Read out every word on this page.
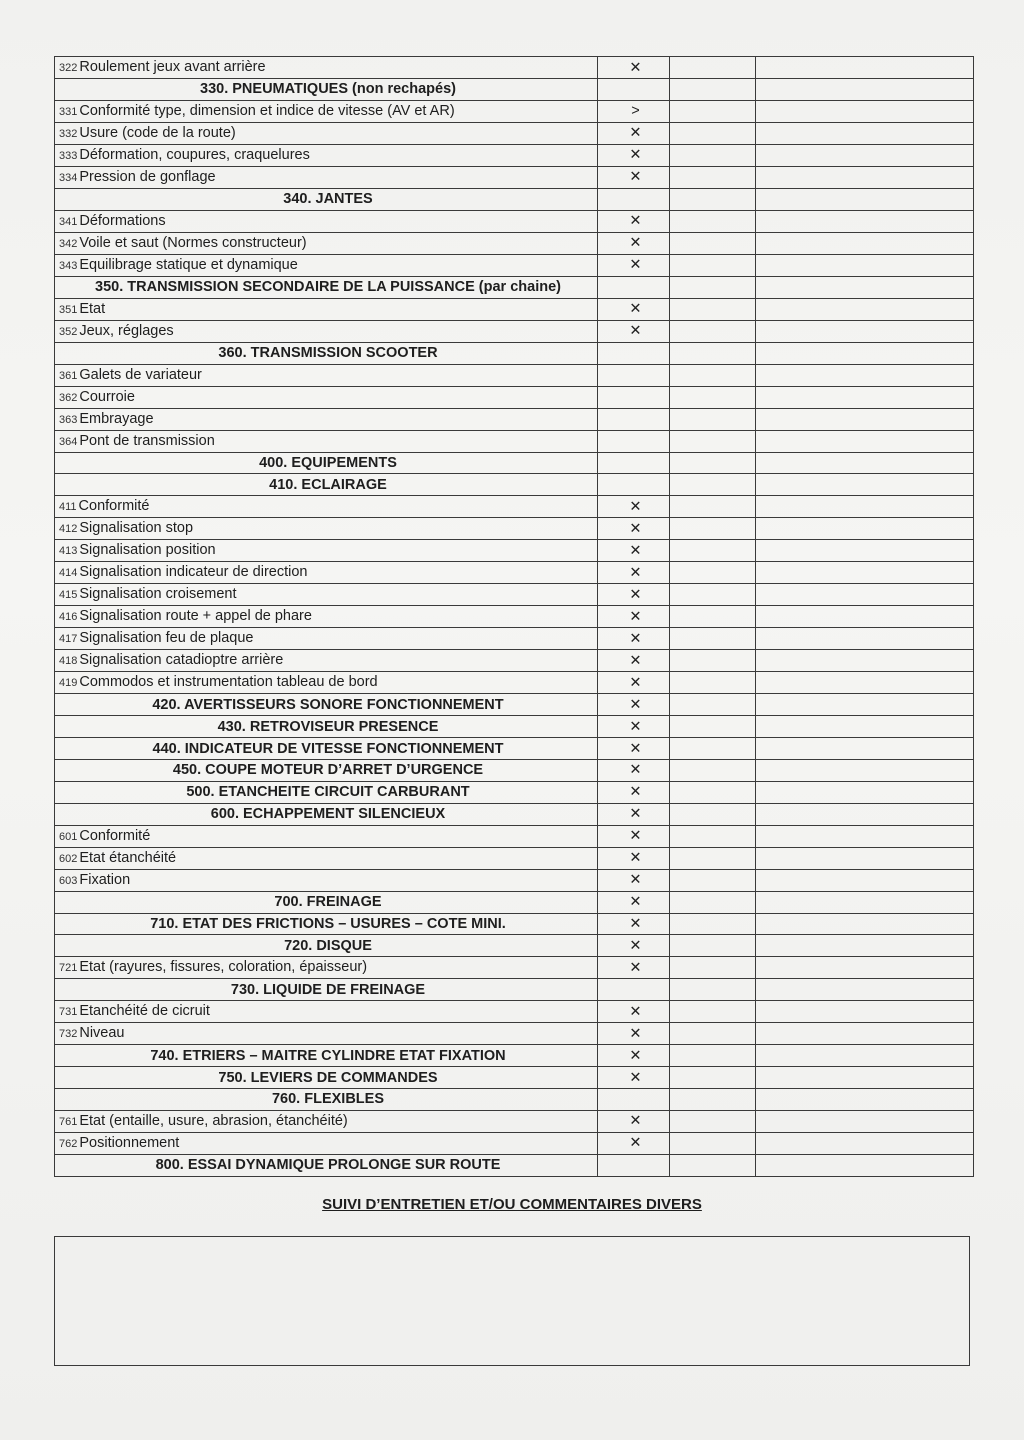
322 Roulement jeux avant arrière	✕		
330. PNEUMATIQUES (non rechapés)			
331 Conformité type, dimension et indice de vitesse (AV et AR)	>		
332 Usure (code de la route)	✕		
333 Déformation, coupures, craquelures	✕		
334 Pression de gonflage	✕		
340. JANTES			
341 Déformations	✕		
342 Voile et saut (Normes constructeur)	✕		
343 Equilibrage statique et dynamique	✕		
350. TRANSMISSION SECONDAIRE DE LA PUISSANCE (par chaine)			
351 Etat	✕		
352 Jeux, réglages	✕		
360. TRANSMISSION SCOOTER			
361 Galets de variateur			
362 Courroie			
363 Embrayage			
364 Pont de transmission			
400. EQUIPEMENTS			
410. ECLAIRAGE			
411 Conformité	✕		
412 Signalisation stop	✕		
413 Signalisation position	✕		
414 Signalisation indicateur de direction	✕		
415 Signalisation croisement	✕		
416 Signalisation route + appel de phare	✕		
417 Signalisation feu de plaque	✕		
418 Signalisation catadioptre arrière	✕		
419 Commodos et instrumentation tableau de bord	✕		
420. AVERTISSEURS SONORE FONCTIONNEMENT	✕		
430. RETROVISEUR PRESENCE	✕		
440. INDICATEUR DE VITESSE FONCTIONNEMENT	✕		
450. COUPE MOTEUR D’ARRET D’URGENCE	✕		
500. ETANCHEITE CIRCUIT CARBURANT	✕		
600. ECHAPPEMENT SILENCIEUX	✕		
601 Conformité	✕		
602 Etat étanchéité	✕		
603 Fixation	✕		
700. FREINAGE	✕		
710. ETAT DES FRICTIONS – USURES – COTE MINI.	✕		
720. DISQUE	✕		
721 Etat (rayures, fissures, coloration, épaisseur)	✕		
730. LIQUIDE DE FREINAGE			
731 Etanchéité de cicruit	✕		
732 Niveau	✕		
740. ETRIERS – MAITRE CYLINDRE ETAT FIXATION	✕		
750. LEVIERS DE COMMANDES	✕		
760. FLEXIBLES			
761 Etat (entaille, usure, abrasion, étanchéité)	✕		
762 Positionnement	✕		
800. ESSAI DYNAMIQUE PROLONGE SUR ROUTE			
SUIVI D’ENTRETIEN ET/OU COMMENTAIRES DIVERS
